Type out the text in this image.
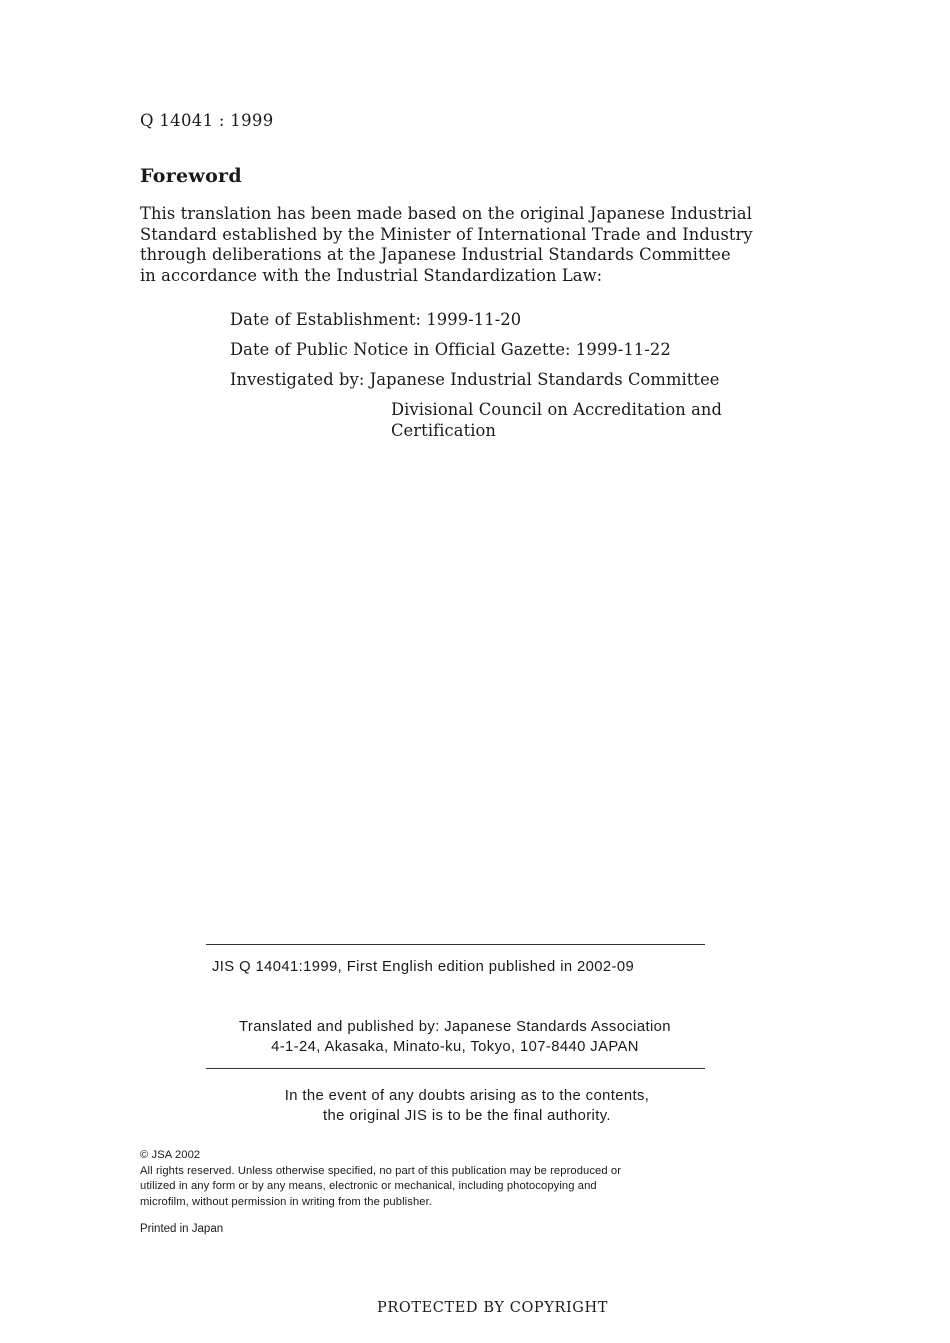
Q 14041 : 1999
Foreword
This translation has been made based on the original Japanese Industrial
Standard established by the Minister of International Trade and Industry
through deliberations at the Japanese Industrial Standards Committee
in accordance with the Industrial Standardization Law:
Date of Establishment: 1999-11-20
Date of Public Notice in Official Gazette: 1999-11-22
Investigated by: Japanese Industrial Standards Committee
Divisional Council on Accreditation and
Certification
JIS Q 14041:1999, First English edition published in 2002-09
Translated and published by: Japanese Standards Association
4-1-24, Akasaka, Minato-ku, Tokyo, 107-8440 JAPAN
In the event of any doubts arising as to the contents,
the original JIS is to be the final authority.
© JSA 2002
All rights reserved. Unless otherwise specified, no part of this publication may be reproduced or
utilized in any form or by any means, electronic or mechanical, including photocopying and
microfilm, without permission in writing from the publisher.
Printed in Japan
PROTECTED BY COPYRIGHT
